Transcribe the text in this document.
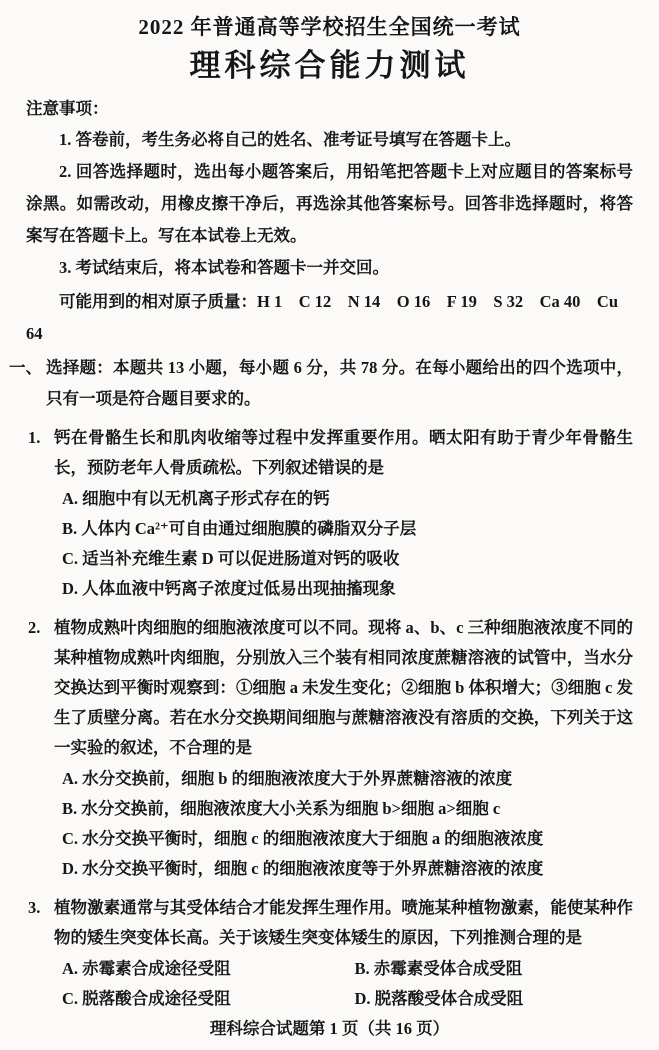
2022 年普通高等学校招生全国统一考试
理科综合能力测试
注意事项：
1. 答卷前，考生务必将自己的姓名、准考证号填写在答题卡上。
2. 回答选择题时，选出每小题答案后，用铅笔把答题卡上对应题目的答案标号涂黑。如需改动，用橡皮擦干净后，再选涂其他答案标号。回答非选择题时，将答案写在答题卡上。写在本试卷上无效。
3. 考试结束后，将本试卷和答题卡一并交回。
可能用到的相对原子质量：H 1　C 12　N 14　O 16　F 19　S 32　Ca 40　Cu 64
一、 选择题：本题共 13 小题，每小题 6 分，共 78 分。在每小题给出的四个选项中，只有一项是符合题目要求的。
1. 钙在骨骼生长和肌肉收缩等过程中发挥重要作用。晒太阳有助于青少年骨骼生长，预防老年人骨质疏松。下列叙述错误的是
A. 细胞中有以无机离子形式存在的钙
B. 人体内 Ca²⁺可自由通过细胞膜的磷脂双分子层
C. 适当补充维生素 D 可以促进肠道对钙的吸收
D. 人体血液中钙离子浓度过低易出现抽搐现象
2. 植物成熟叶肉细胞的细胞液浓度可以不同。现将 a、b、c 三种细胞液浓度不同的某种植物成熟叶肉细胞，分别放入三个装有相同浓度蔗糖溶液的试管中，当水分交换达到平衡时观察到：①细胞 a 未发生变化；②细胞 b 体积增大；③细胞 c 发生了质壁分离。若在水分交换期间细胞与蔗糖溶液没有溶质的交换，下列关于这一实验的叙述，不合理的是
A. 水分交换前，细胞 b 的细胞液浓度大于外界蔗糖溶液的浓度
B. 水分交换前，细胞液浓度大小关系为细胞 b>细胞 a>细胞 c
C. 水分交换平衡时，细胞 c 的细胞液浓度大于细胞 a 的细胞液浓度
D. 水分交换平衡时，细胞 c 的细胞液浓度等于外界蔗糖溶液的浓度
3. 植物激素通常与其受体结合才能发挥生理作用。喷施某种植物激素，能使某种作物的矮生突变体长高。关于该矮生突变体矮生的原因，下列推测合理的是
A. 赤霉素合成途径受阻	B. 赤霉素受体合成受阻
C. 脱落酸合成途径受阻	D. 脱落酸受体合成受阻
理科综合试题第 1 页（共 16 页）
